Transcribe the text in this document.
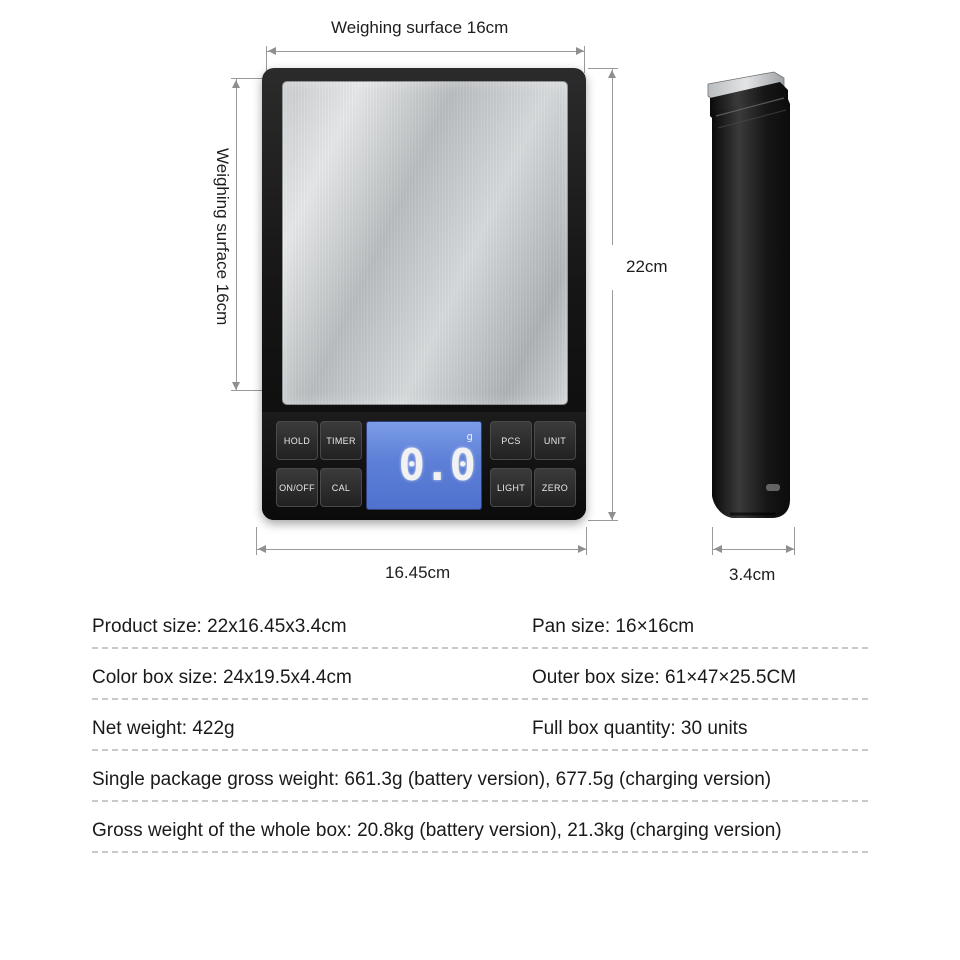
Weighing surface 16cm
Weighing surface 16cm	22cm
16.45cm	3.4cm
g
0.0
HOLD	TIMER	PCS	UNIT
ON/OFF	CAL	LIGHT	ZERO
Product size: 22x16.45x3.4cm	Pan size: 16×16cm
Color box size: 24x19.5x4.4cm	Outer box size: 61×47×25.5CM
Net weight: 422g	Full box quantity: 30 units
Single package gross weight: 661.3g (battery version), 677.5g (charging version)
Gross weight of the whole box: 20.8kg (battery version), 21.3kg (charging version)
